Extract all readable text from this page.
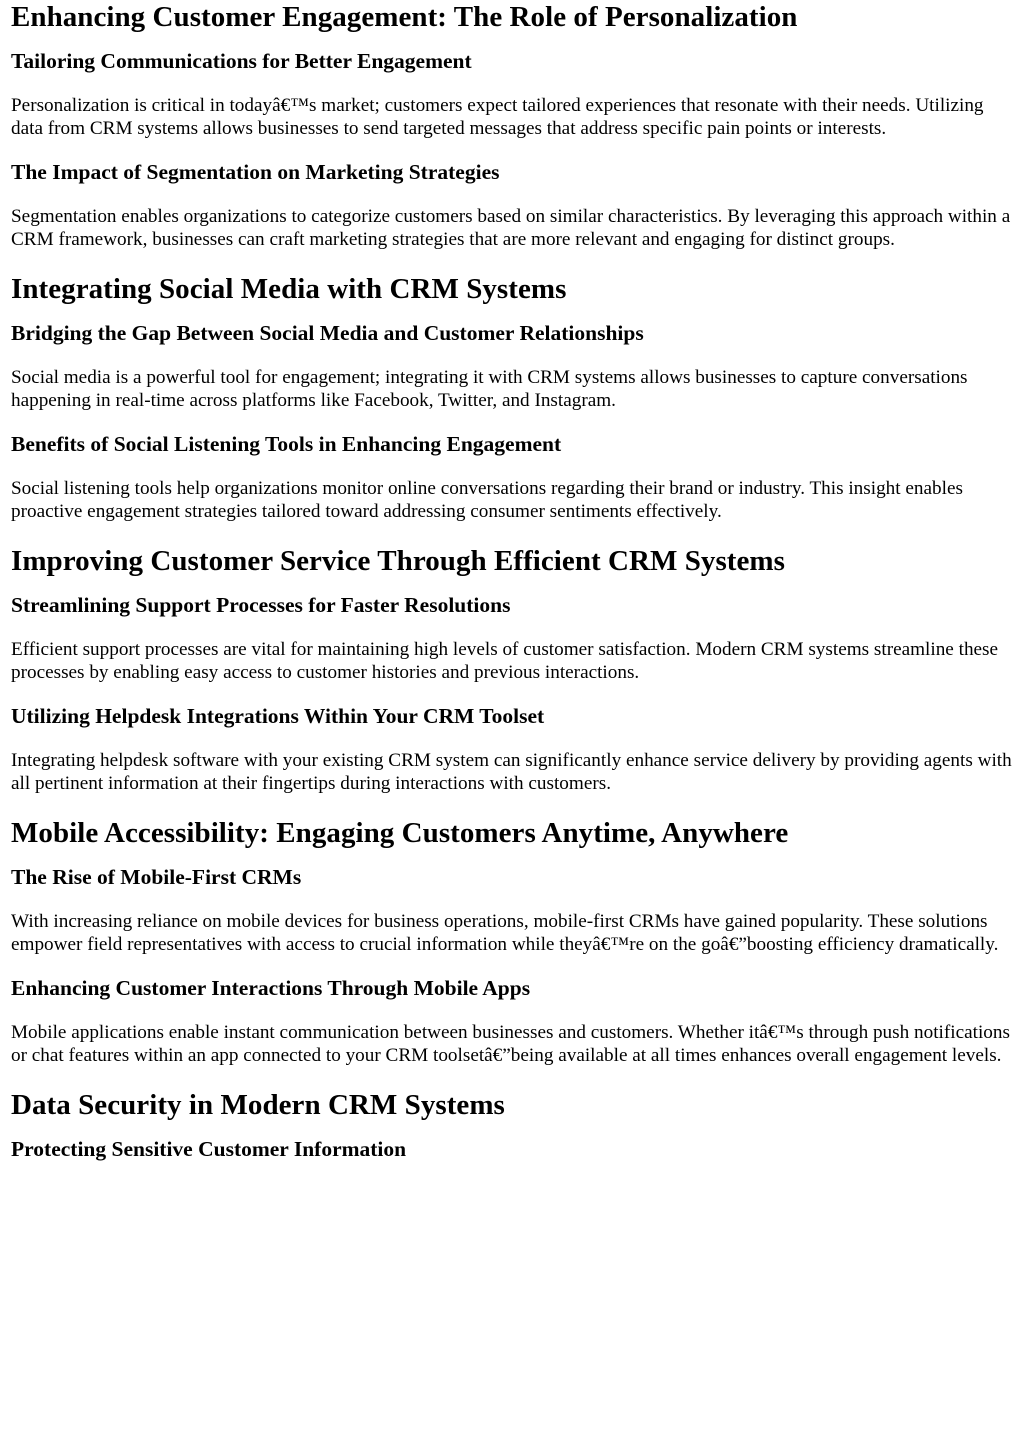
Enhancing Customer Engagement: The Role of Personalization
Tailoring Communications for Better Engagement

Personalization is critical in todayâ€™s market; customers expect tailored experiences that resonate with their needs. Utilizing data from CRM systems allows businesses to send targeted messages that address specific pain points or interests.

The Impact of Segmentation on Marketing Strategies

Segmentation enables organizations to categorize customers based on similar characteristics. By leveraging this approach within a CRM framework, businesses can craft marketing strategies that are more relevant and engaging for distinct groups.

Integrating Social Media with CRM Systems
Bridging the Gap Between Social Media and Customer Relationships

Social media is a powerful tool for engagement; integrating it with CRM systems allows businesses to capture conversations happening in real-time across platforms like Facebook, Twitter, and Instagram.

Benefits of Social Listening Tools in Enhancing Engagement

Social listening tools help organizations monitor online conversations regarding their brand or industry. This insight enables proactive engagement strategies tailored toward addressing consumer sentiments effectively.

Improving Customer Service Through Efficient CRM Systems
Streamlining Support Processes for Faster Resolutions

Efficient support processes are vital for maintaining high levels of customer satisfaction. Modern CRM systems streamline these processes by enabling easy access to customer histories and previous interactions.

Utilizing Helpdesk Integrations Within Your CRM Toolset

Integrating helpdesk software with your existing CRM system can significantly enhance service delivery by providing agents with all pertinent information at their fingertips during interactions with customers.

Mobile Accessibility: Engaging Customers Anytime, Anywhere
The Rise of Mobile-First CRMs

With increasing reliance on mobile devices for business operations, mobile-first CRMs have gained popularity. These solutions empower field representatives with access to crucial information while theyâ€™re on the goâ€”boosting efficiency dramatically.

Enhancing Customer Interactions Through Mobile Apps

Mobile applications enable instant communication between businesses and customers. Whether itâ€™s through push notifications or chat features within an app connected to your CRM toolsetâ€”being available at all times enhances overall engagement levels.

Data Security in Modern CRM Systems
Protecting Sensitive Customer Information
